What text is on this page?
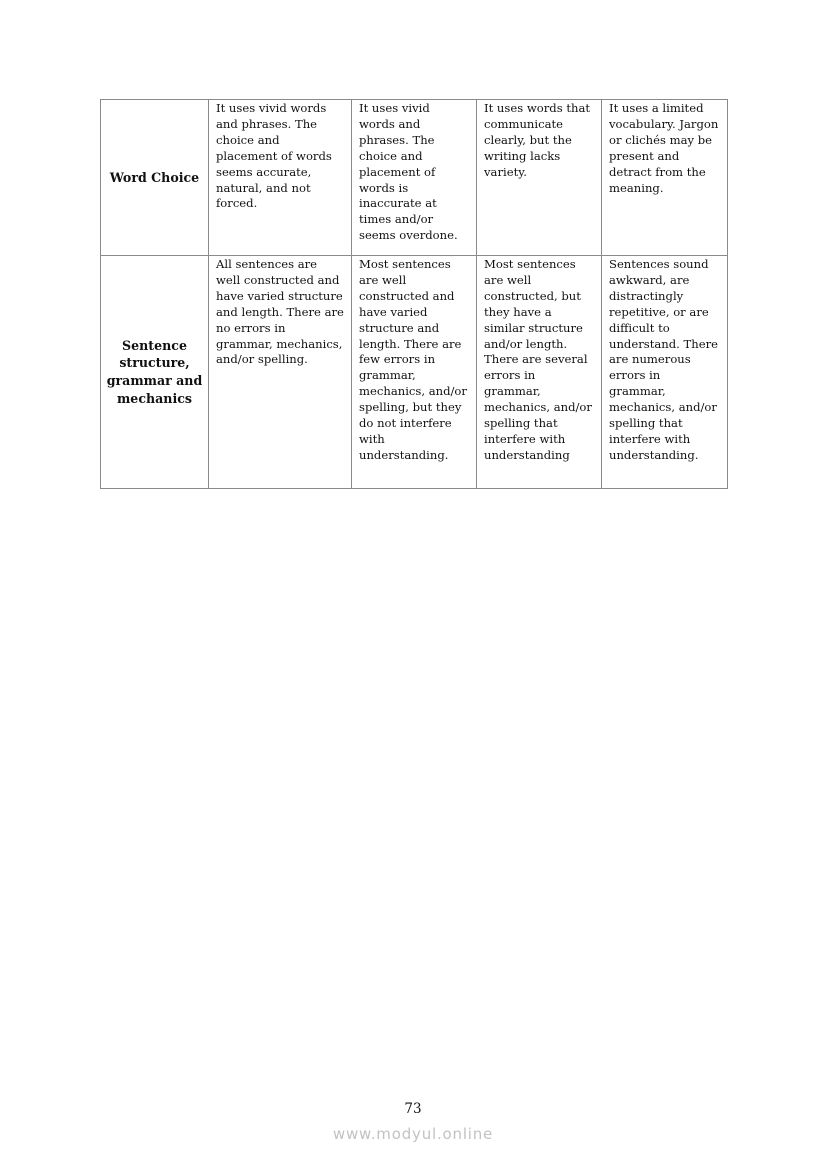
Word Choice	It uses vivid words and phrases. The choice and placement of words seems accurate, natural, and not forced.	It uses vivid words and phrases. The choice and placement of words is inaccurate at times and/or seems overdone.	It uses words that communicate clearly, but the writing lacks variety.	It uses a limited vocabulary. Jargon or clichés may be present and detract from the meaning.
Sentence structure, grammar and mechanics	All sentences are well constructed and have varied structure and length. There are no errors in grammar, mechanics, and/or spelling.	Most sentences are well constructed and have varied structure and length. There are few errors in grammar, mechanics, and/or spelling, but they do not interfere with understanding.	Most sentences are well constructed, but they have a similar structure and/or length. There are several errors in grammar, mechanics, and/or spelling that interfere with understanding	Sentences sound awkward, are distractingly repetitive, or are difficult to understand. There are numerous errors in grammar, mechanics, and/or spelling that interfere with understanding.
73
www.modyul.online
